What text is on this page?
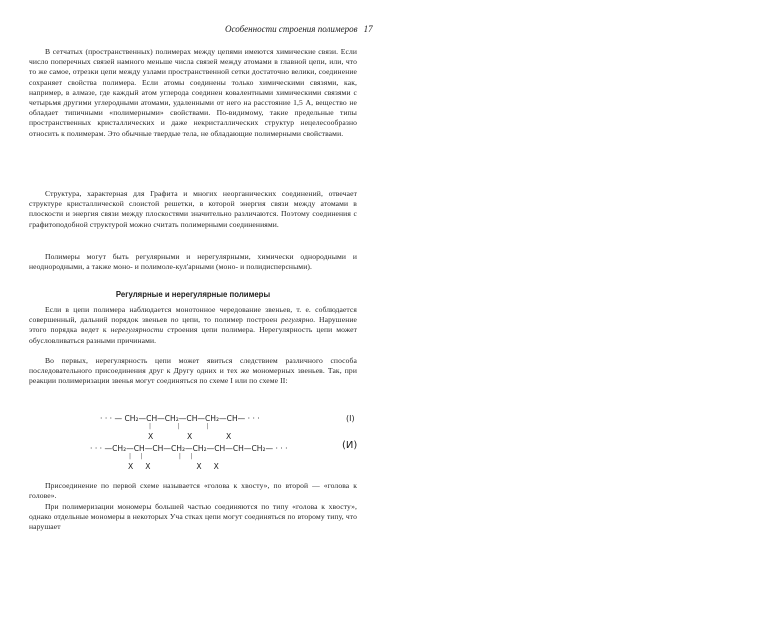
Особенности строения полимеров 17
В сетчатых (пространственных) полимерах между цепями имеются химические связи. Если число поперечных связей намного меньше числа связей между атомами в главной цепи, или, что то же самое, отрезки цепи между узлами пространственной сетки достаточно велики, соединение сохраняет свойства полимера. Если атомы соединены только химическими связями, как, например, в алмазе, где каждый атом углерода соединен ковалентными химическими связями с четырьмя другими углеродными атомами, удаленными от него на расстояние 1,5 А, вещество не обладает типичными «полимерными» свойствами. По-видимому, такие предельные типы пространственных кристаллических и даже некристаллических структур нецелесообразно относить к полимерам. Это обычные твердые тела, не обладающие полимерными свойствами.
Структура, характерная для Графита и многих неорганических соединений, отвечает структуре кристаллической слоистой решетки, в которой энергия связи между атомами в плоскости и энергия связи между плоскостями значительно различаются. Поэтому соединения с графитоподобной структурой можно считать полимерными соединениями.
Полимеры могут быть регулярными и нерегулярными, химически однородными и неоднородными, а также моно- и полимоле-кул'арными (моно- и полидисперсными).
Регулярные и нерегулярные полимеры
Если в цепи полимера наблюдается монотонное чередование звеньев, т. е. соблюдается совершенный, дальний порядок звеньев по цепи, то полимер построен регулярно. Нарушение этого порядка ведет к нерегулярности строения цепи полимера. Нерегулярность цепи может обусловливаться разными причинами.
Во первых, нерегулярность цепи может явиться следствием различного способа последовательного присоединения друг к Другу одних и тех же мономерных звеньев. Так, при реакции полимеризации звенья могут соединяться по схеме I или по схеме II:
· · · — CH₂—CH—CH₂—CH—CH₂—CH— · · ·
|              |              |
X              X              X
(I)
· · · —CH₂—CH—CH—CH₂—CH₂—CH—CH—CH₂— · · ·
|     |                   |     |
X     X                   X     X
(И)
Присоединение по первой схеме называется «голова к хвосту», по второй — «голова к голове».
При полимеризации мономеры большей частью соединяются по типу «голова к хвосту», однако отдельные мономеры в некоторых Уча стках цепи могут соединяться по второму типу, что нарушает
